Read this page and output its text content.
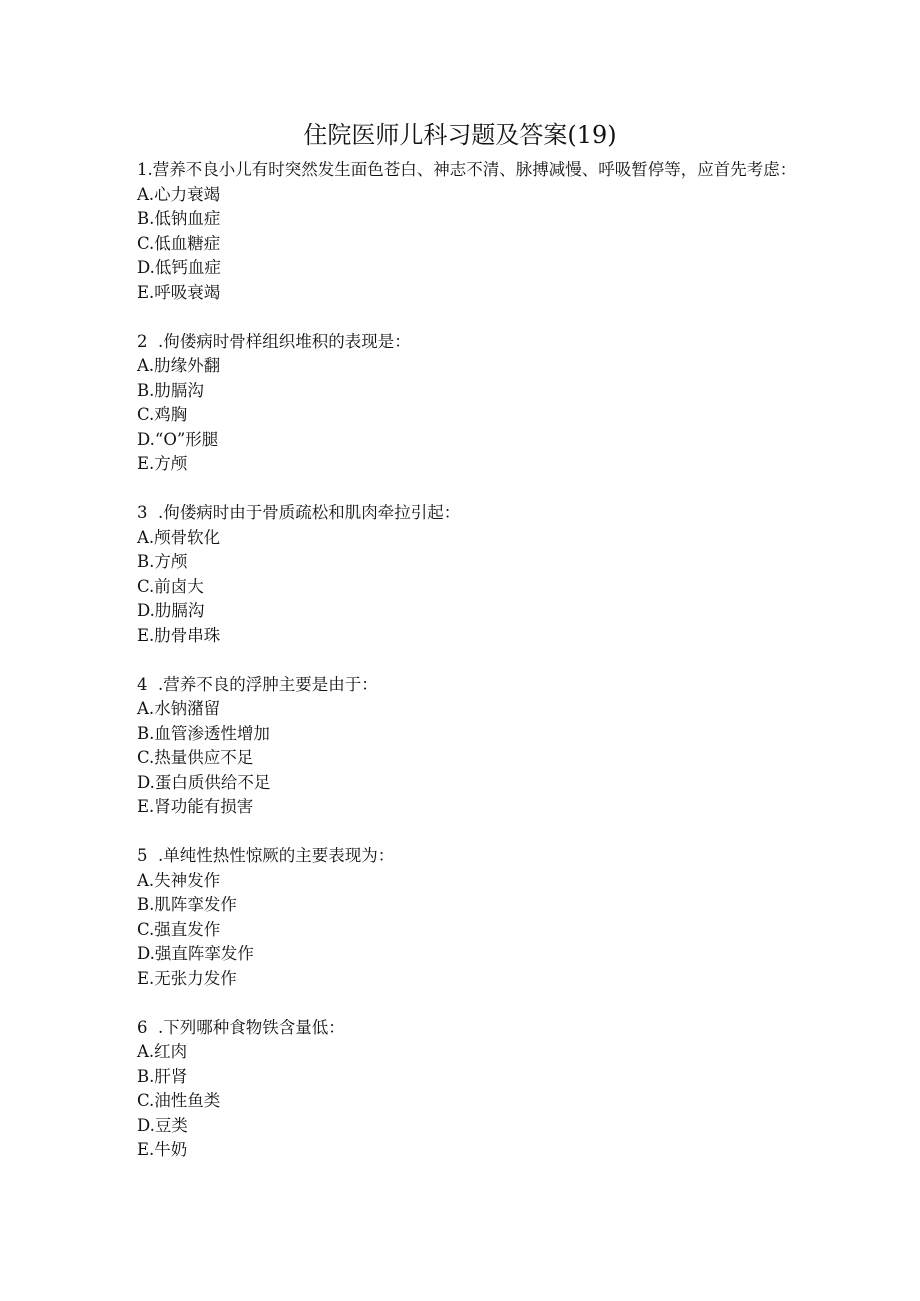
住院医师儿科习题及答案(19)
1.营养不良小儿有时突然发生面色苍白、神志不清、脉搏减慢、呼吸暂停等，应首先考虑：
A.心力衰竭
B.低钠血症
C.低血糖症
D.低钙血症
E.呼吸衰竭
2  .佝偻病时骨样组织堆积的表现是：
A.肋缘外翻
B.肋膈沟
C.鸡胸
D.“O”形腿
E.方颅
3  .佝偻病时由于骨质疏松和肌肉牵拉引起：
A.颅骨软化
B.方颅
C.前卤大
D.肋膈沟
E.肋骨串珠
4  .营养不良的浮肿主要是由于：
A.水钠潴留
B.血管渗透性增加
C.热量供应不足
D.蛋白质供给不足
E.肾功能有损害
5  .单纯性热性惊厥的主要表现为：
A.失神发作
B.肌阵挛发作
C.强直发作
D.强直阵挛发作
E.无张力发作
6  .下列哪种食物铁含量低：
A.红肉
B.肝肾
C.油性鱼类
D.豆类
E.牛奶
